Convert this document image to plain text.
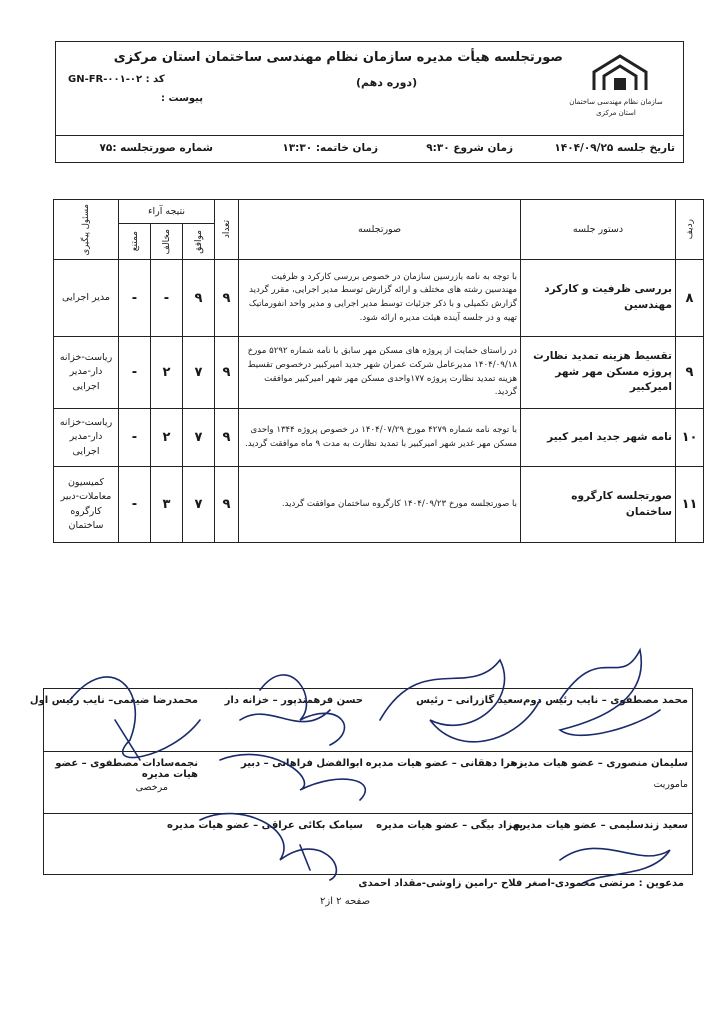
سازمان نظام مهندسی ساختمان
استان مرکزی
صورتجلسه هیأت مدیره سازمان نظام مهندسی ساختمان استان مرکزی
(دوره دهم)
کد : GN-FR-۰۰۱-۰۲
پیوست :
تاریخ جلسه ۱۴۰۴/۰۹/۲۵
زمان شروع ۹:۳۰
زمان خاتمه: ۱۳:۳۰
شماره صورتجلسه :۷۵
ردیف	دستور جلسه	صورتجلسه	تعداد	نتیجه آراء			مسئول پیگیری

				موافق	مخالف	ممتنع	

۸	بررسی ظرفیت و کارکرد مهندسین	با توجه به نامه بازرسین سازمان در خصوص بررسی کارکرد و ظرفیت مهندسین رشته های مختلف و ارائه گزارش توسط مدیر اجرایی، مقرر گردید گزارش تکمیلی و با ذکر جزئیات توسط مدیر اجرایی و مدیر واحد انفورماتیک تهیه و در جلسه آینده هیئت مدیره ارائه شود.	۹	۹	-	-	مدیر اجرایی
۹	تقسیط هزینه تمدید نظارت پروژه مسکن مهر شهر امیرکبیر	در راستای حمایت از پروژه های مسکن مهر سابق با نامه شماره ۵۲۹۲ مورخ ۱۴۰۴/۰۹/۱۸ مدیرعامل شرکت عمران شهر جدید امیرکبیر درخصوص تقسیط هزینه تمدید نظارت پروژه ۱۷۷واحدی مسکن مهر شهر امیرکبیر موافقت گردید.	۹	۷	۲	-	ریاست-خزانه دار-مدیر اجرایی
۱۰	نامه شهر جدید امیر کبیر	با توجه نامه شماره ۴۲۷۹ مورخ ۱۴۰۴/۰۷/۲۹ در خصوص پروژه ۱۳۴۴ واحدی مسکن مهر غدیر شهر امیرکبیر با تمدید نظارت به مدت ۹ ماه موافقت گردید.	۹	۷	۲	-	ریاست-خزانه دار-مدیر اجرایی
۱۱	صورتجلسه کارگروه ساختمان	با صورتجلسه مورخ ۱۴۰۴/۰۹/۲۳ کارگروه ساختمان موافقت گردید.	۹	۷	۳	-	کمیسیون معاملات-دبیر کارگروه ساختمان
محمد مصطفوی – نایب رئیس دوم
سعید گازرانی – رئیس
حسن فرهمندپور – خزانه دار
محمدرضا ضیغمی– نایب رئیس اول
سلیمان منصوری – عضو هیات مدیره
ماموریت
زهرا دهقانی – عضو هیات مدیره
ابوالفضل فراهانی – دبیر
نجمه‌سادات مصطفوی – عضو هیات مدیره
مرخصی
سعید زندسلیمی – عضو هیات مدیره
بهزاد بیگی – عضو هیات مدیره
سیامک بکائی عراقی – عضو هیات مدیره
مدعوین : مرتضی محمودی-اصغر فلاح -رامین زاوشی-مقداد احمدی
صفحه ۲ از۲
